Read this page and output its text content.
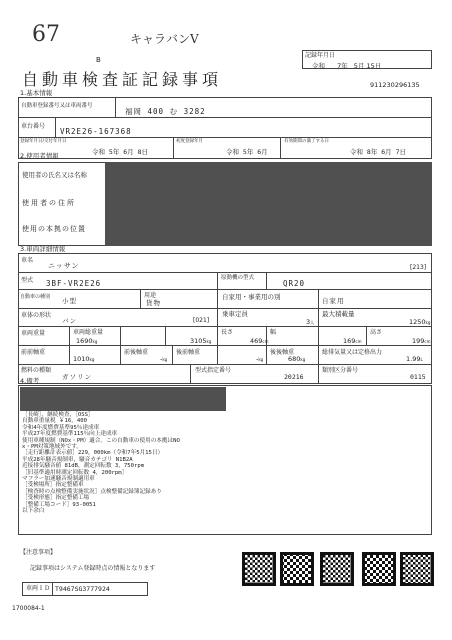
67	キャラバンV
B
自動車検査証記録事項
記録年月日
令和 7年 5月 15日
911230296135
1.基本情報
自動車登録番号又は車両番号
福岡 400 む 3282
車台番号
VR2E26-167368
登録年月日/交付年月日
令和 5年 6月 8日
初度登録年月
令和 5年 6月
有効期間の満了する日
令和 8年 6月 7日
2.使用者情報
使用者の氏名又は名称
使用者の住所
使用の本拠の位置
3.車両詳細情報
車名
ニッサン	[213]
型式 3BF-VR2E26
原動機の型式
QR20
自動車の種別 小型
用途
貨物
自家用・事業用の別	自家用
車体の形状
バン	[021]
乗車定員
3人
最大積載量
1250kg
車両重量
1690kg
車両総重量
3105kg
長さ
469cm
幅
169cm
高さ
199cm
前前軸重
1010kg
前後軸重
-kg
後前軸重
-kg
後後軸重
680kg
総排気量又は定格出力
1.99L
燃料の種類
ガソリン
型式指定番号
20216
類別区分番号
0115
4.備考
［長崎］，継続検査，［OSS］
自動車重量税 ￥16，400
令和4年度燃費基準95％達成車
平成27年度燃費基準115％向上達成車
使用車種規制（NOx・PM）適合。この自動車の使用の本拠はNO
x・PM対策地域外です。
［走行距離計表示値］229，000km（令和7年5月15日）
平成28年騒音規制車，騒音カテゴリ N1B2A
近接排気騒音値 81dB，測定回転数 3，750rpm
［旧基準適用時測定回転数 4，200rpm］
マフラー加速騒音規制適用車
［受検場所］指定整備車
［検査時の点検整備実施状況］点検整備記録簿記録あり
［受検形態］指定整備工場
［整備工場コード］93-0051
以下余白
【注意事項】
記録事項はシステム登録時点の情報となります
車両ＩＤ T9467SG3777924
1700084-1
